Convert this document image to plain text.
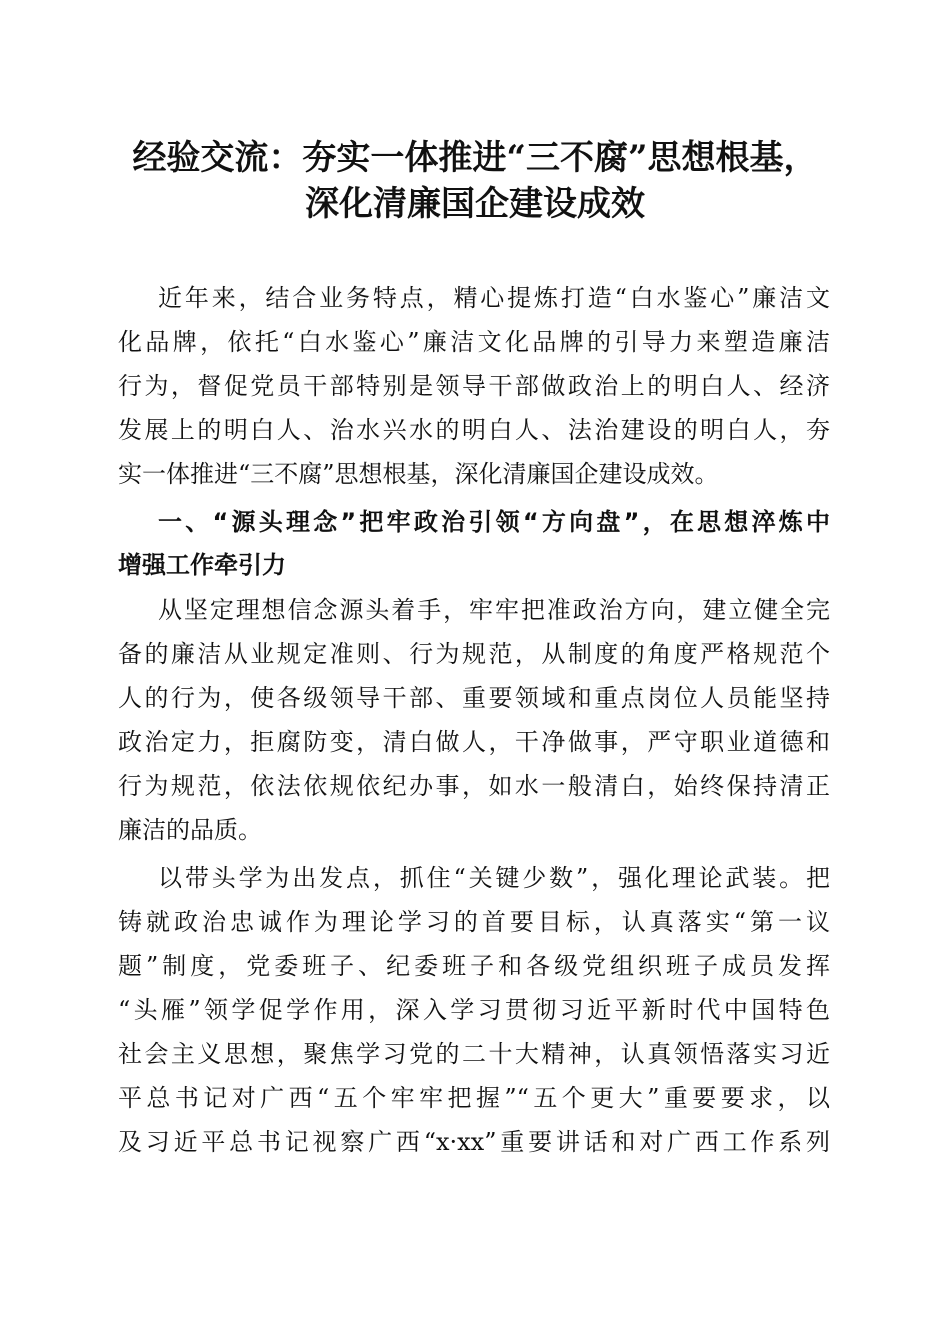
经验交流：夯实一体推进“三不腐”思想根基，
深化清廉国企建设成效
近年来，结合业务特点，精心提炼打造“白水鉴心”廉洁文
化品牌，依托“白水鉴心”廉洁文化品牌的引导力来塑造廉洁
行为，督促党员干部特别是领导干部做政治上的明白人、经济
发展上的明白人、治水兴水的明白人、法治建设的明白人，夯
实一体推进“三不腐”思想根基，深化清廉国企建设成效。
一、“源头理念”把牢政治引领“方向盘”，在思想淬炼中
增强工作牵引力
从坚定理想信念源头着手，牢牢把准政治方向，建立健全完
备的廉洁从业规定准则、行为规范，从制度的角度严格规范个
人的行为，使各级领导干部、重要领域和重点岗位人员能坚持
政治定力，拒腐防变，清白做人，干净做事，严守职业道德和
行为规范，依法依规依纪办事，如水一般清白，始终保持清正
廉洁的品质。
以带头学为出发点，抓住“关键少数”，强化理论武装。把
铸就政治忠诚作为理论学习的首要目标，认真落实“第一议
题”制度，党委班子、纪委班子和各级党组织班子成员发挥
“头雁”领学促学作用，深入学习贯彻习近平新时代中国特色
社会主义思想，聚焦学习党的二十大精神，认真领悟落实习近
平总书记对广西“五个牢牢把握”“五个更大”重要要求，以
及习近平总书记视察广西“x·xx”重要讲话和对广西工作系列
